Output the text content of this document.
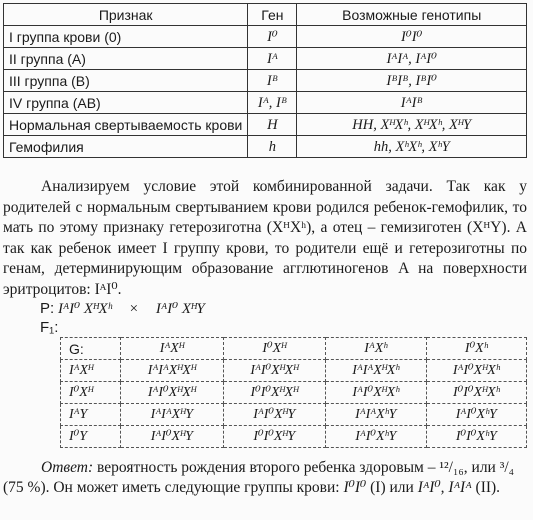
Признак	Ген	Возможные генотипы
I группа крови (0)	I⁰	I⁰I⁰
II группа (А)	Iᴬ	IᴬIᴬ, IᴬI⁰
III группа (В)	Iᴮ	IᴮIᴮ, IᴮI⁰
IV группа (АВ)	Iᴬ, Iᴮ	IᴬIᴮ
Нормальная свертываемость крови	H	HH, XᴴXʰ, XᴴXʰ, XᴴY
Гемофилия	h	hh, XʰXʰ, XʰY

Анализируем условие этой комбинированной задачи. Так как у родителей с нормальным свертыванием крови родился ребенок-гемофилик, то мать по этому признаку гетерозиготна (XᴴXʰ), а отец – гемизиготен (XᴴY). А так как ребенок имеет I группу крови, то родители ещё и гетерозиготны по генам, детерминирующим образование агглютиногенов A на поверхности эритроцитов: IᴬI⁰.

P: IᴬI⁰ XᴴXʰ × IᴬI⁰ XᴴY
F₁:
G:	IᴬXᴴ	I⁰Xᴴ	IᴬXʰ	I⁰Xʰ
IᴬXᴴ	IᴬIᴬXᴴXᴴ	IᴬI⁰XᴴXᴴ	IᴬIᴬXᴴXʰ	IᴬI⁰XᴴXʰ
I⁰Xᴴ	IᴬI⁰XᴴXᴴ	I⁰I⁰XᴴXᴴ	IᴬI⁰XᴴXʰ	I⁰I⁰XᴴXʰ
IᴬY	IᴬIᴬXᴴY	IᴬI⁰XᴴY	IᴬIᴬXʰY	IᴬI⁰XʰY
I⁰Y	IᴬI⁰XᴴY	I⁰I⁰XᴴY	IᴬI⁰XʰY	I⁰I⁰XʰY

Ответ: вероятность рождения второго ребенка здоровым – ¹²/₁₆, или ³/₄ (75 %). Он может иметь следующие группы крови: I⁰I⁰ (I) или IᴬI⁰, IᴬIᴬ (II).
